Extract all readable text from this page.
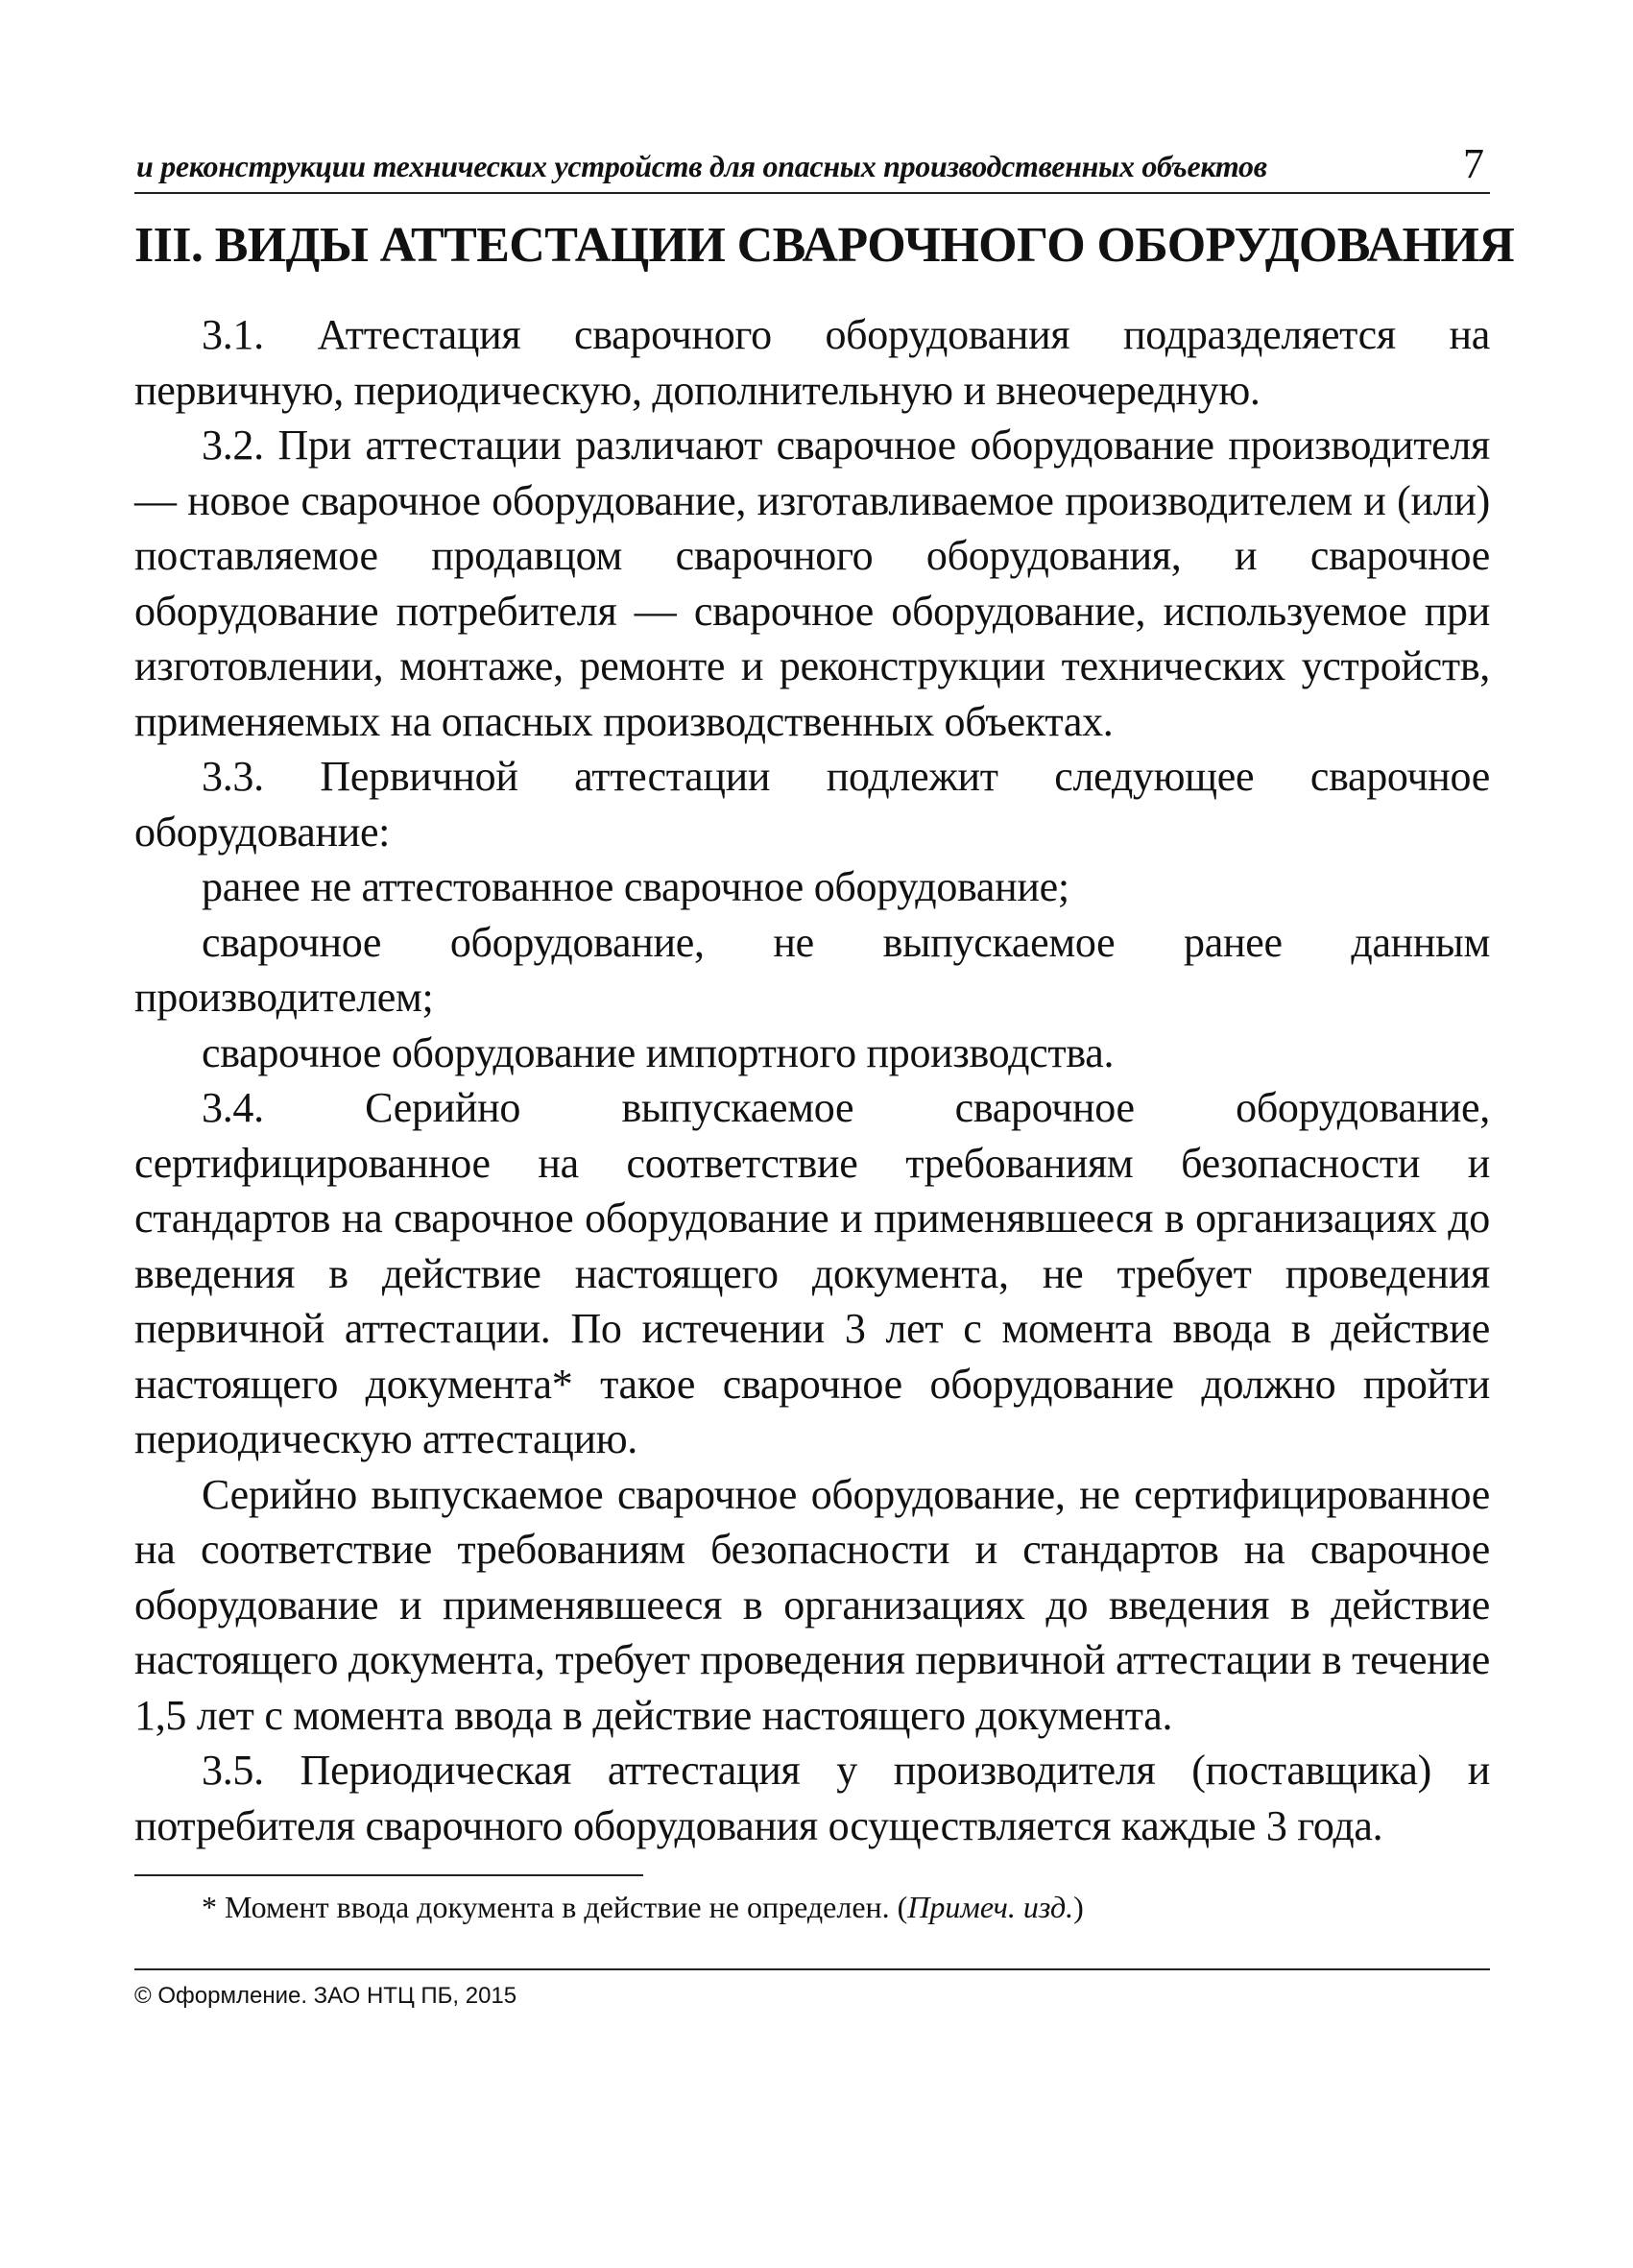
и реконструкции технических устройств для опасных производственных объектов	7
III. ВИДЫ АТТЕСТАЦИИ СВАРОЧНОГО ОБОРУДОВАНИЯ

3.1. Аттестация сварочного оборудования подразделяется на первичную, периодическую, дополнительную и внеочередную.

3.2. При аттестации различают сварочное оборудование производителя — новое сварочное оборудование, изготавливаемое производителем и (или) поставляемое продавцом сварочного оборудования, и сварочное оборудование потребителя — сварочное оборудование, используемое при изготовлении, монтаже, ремонте и реконструкции технических устройств, применяемых на опасных производственных объектах.

3.3. Первичной аттестации подлежит следующее сварочное оборудование:

ранее не аттестованное сварочное оборудование;

сварочное оборудование, не выпускаемое ранее данным производителем;

сварочное оборудование импортного производства.

3.4. Серийно выпускаемое сварочное оборудование, сертифицированное на соответствие требованиям безопасности и стандартов на сварочное оборудование и применявшееся в организациях до введения в действие настоящего документа, не требует проведения первичной аттестации. По истечении 3 лет с момента ввода в действие настоящего документа* такое сварочное оборудование должно пройти периодическую аттестацию.

Серийно выпускаемое сварочное оборудование, не сертифицированное на соответствие требованиям безопасности и стандартов на сварочное оборудование и применявшееся в организациях до введения в действие настоящего документа, требует проведения первичной аттестации в течение 1,5 лет с момента ввода в действие настоящего документа.

3.5. Периодическая аттестация у производителя (поставщика) и потребителя сварочного оборудования осуществляется каждые 3 года.

* Момент ввода документа в действие не определен. (Примеч. изд.)
© Оформление. ЗАО НТЦ ПБ, 2015
